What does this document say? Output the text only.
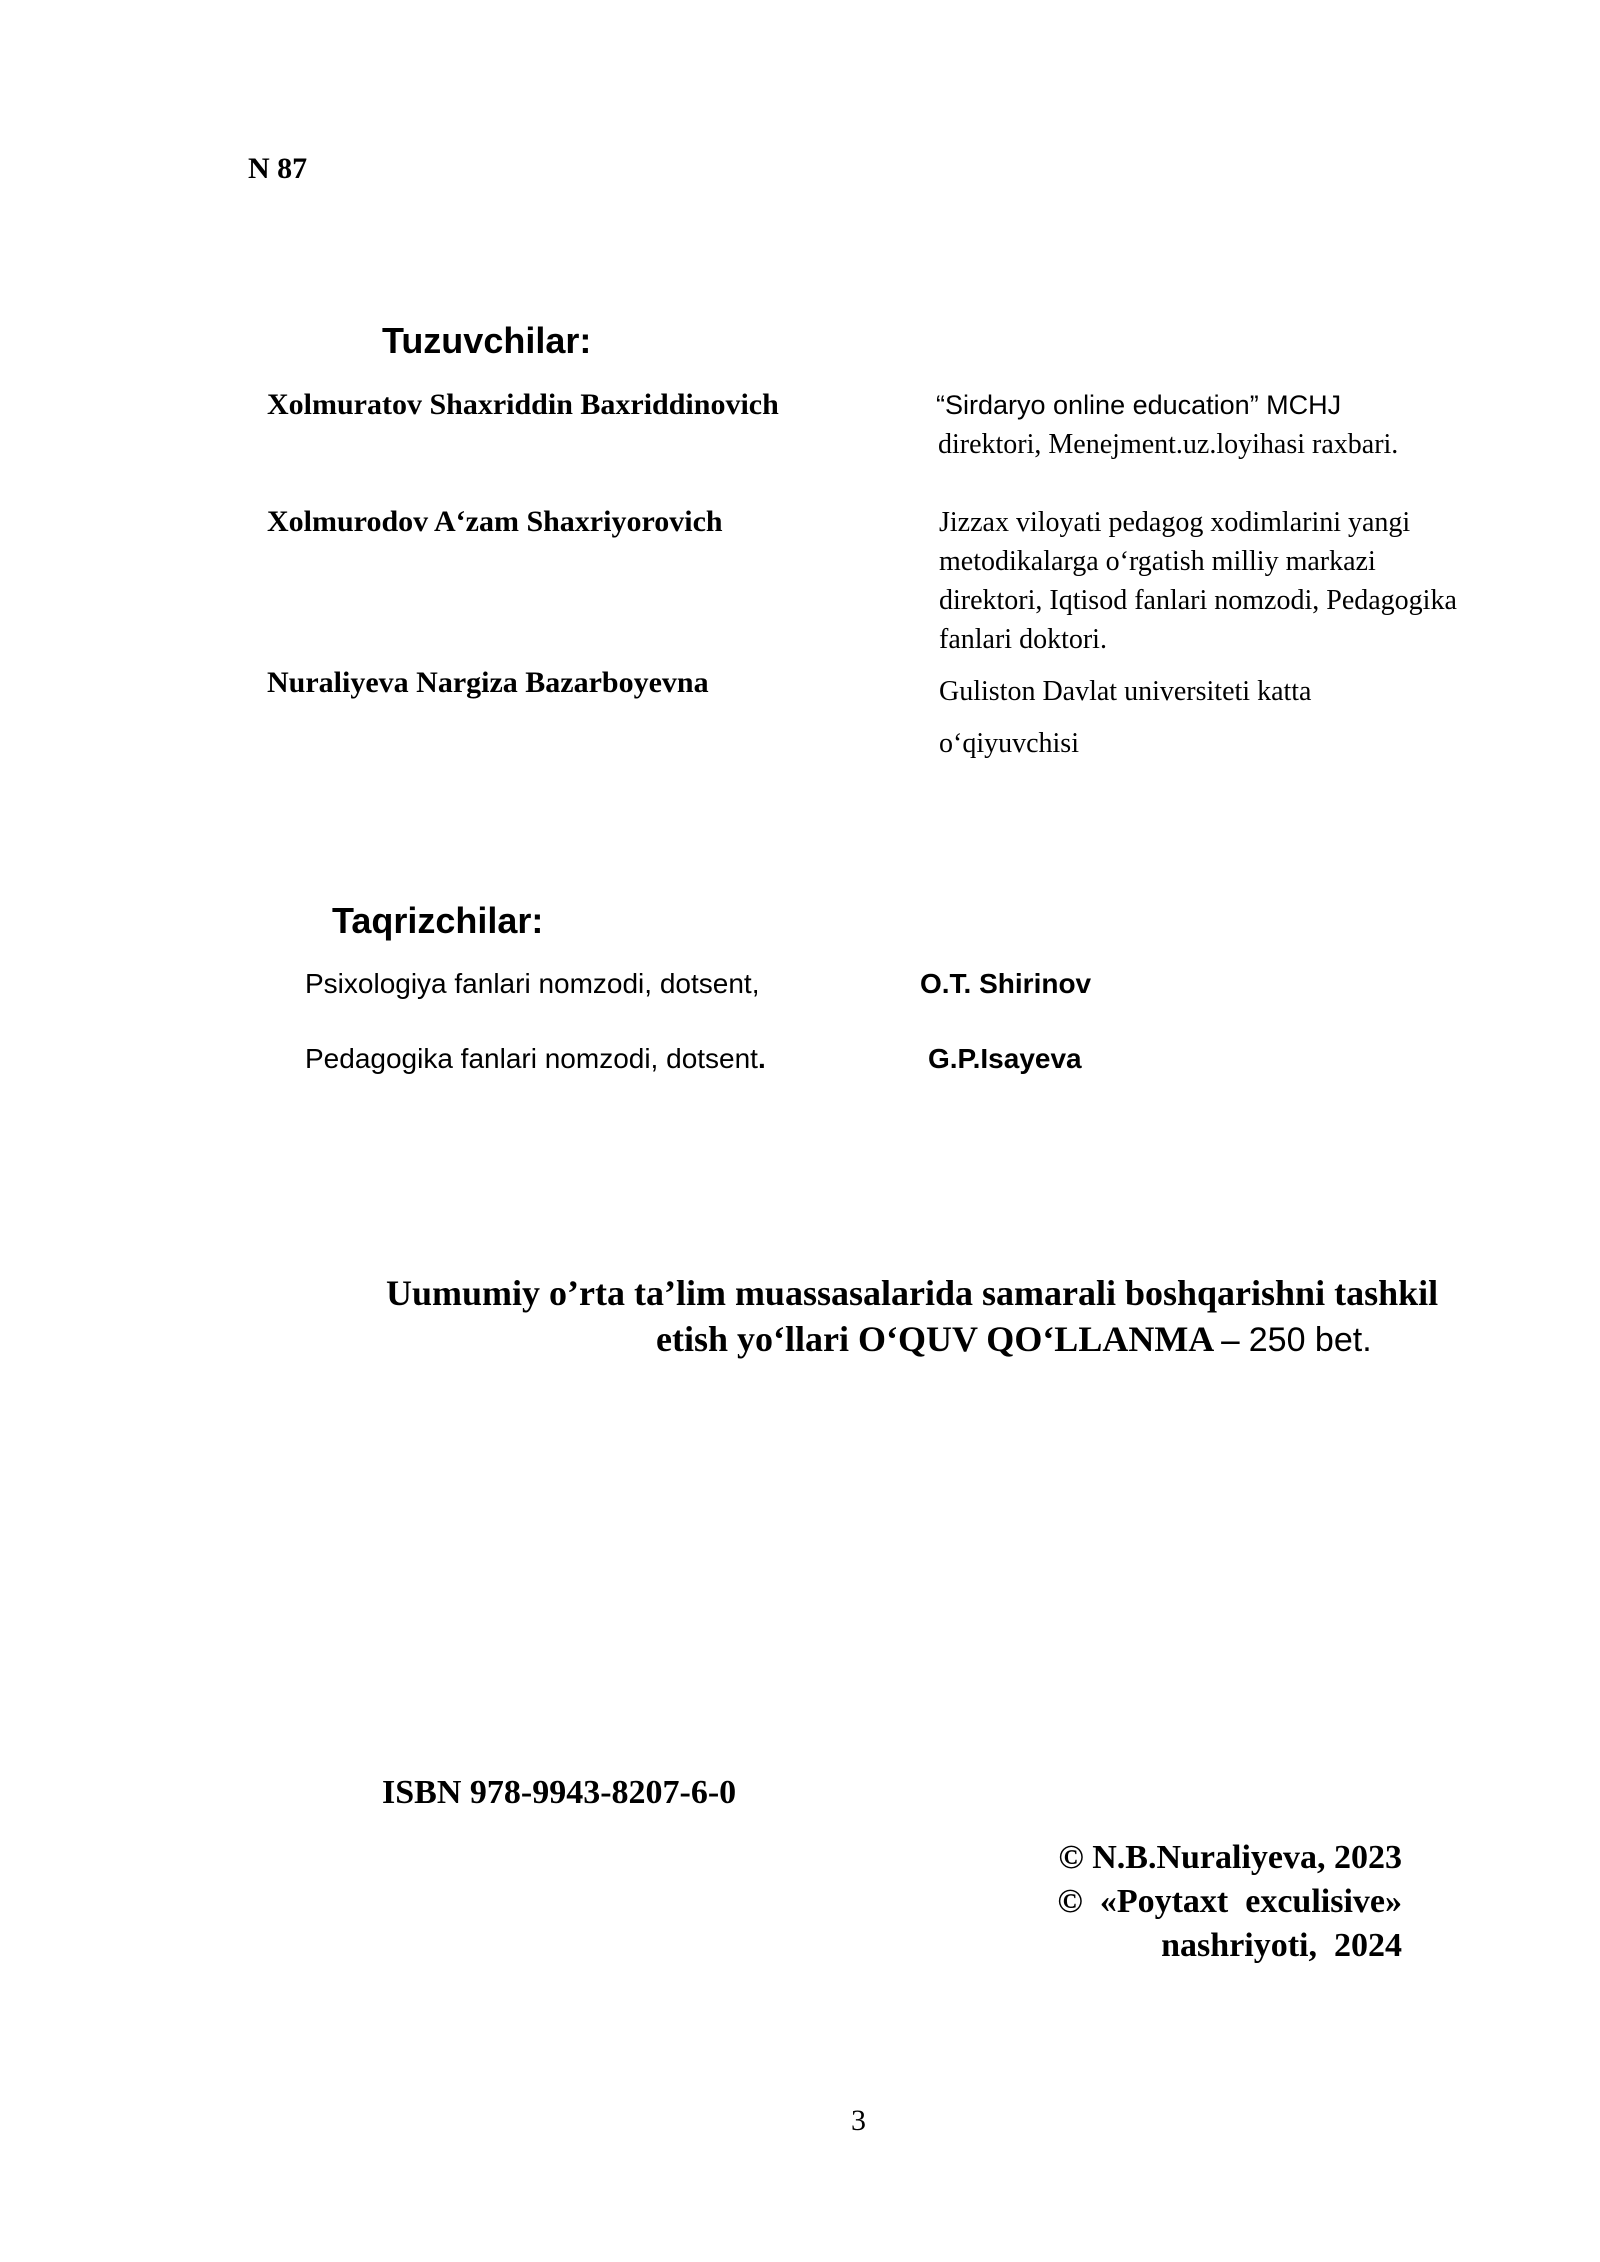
N 87
Tuzuvchilar:
Xolmuratov Shaxriddin Baxriddinovich	“Sirdaryo online education” MCHJ
direktori, Menejment.uz.loyihasi raxbari.
Xolmurodov A‘zam Shaxriyorovich	Jizzax viloyati pedagog xodimlarini yangi
metodikalarga o‘rgatish milliy markazi
direktori, Iqtisod fanlari nomzodi, Pedagogika
fanlari doktori.
Nuraliyeva Nargiza Bazarboyevna	Guliston Davlat universiteti katta
o‘qiyuvchisi
Taqrizchilar:
Psixologiya fanlari nomzodi, dotsent,	O.T. Shirinov
Pedagogika fanlari nomzodi, dotsent.	G.P.Isayeva
Uumumiy o’rta ta’lim muassasalarida samarali boshqarishni tashkil
etish yo‘llari O‘QUV QO‘LLANMA – 250 bet.
ISBN 978-9943-8207-6-0
© N.B.Nuraliyeva, 2023
©  «Poytaxt  exculisive»
nashriyoti,  2024
3
